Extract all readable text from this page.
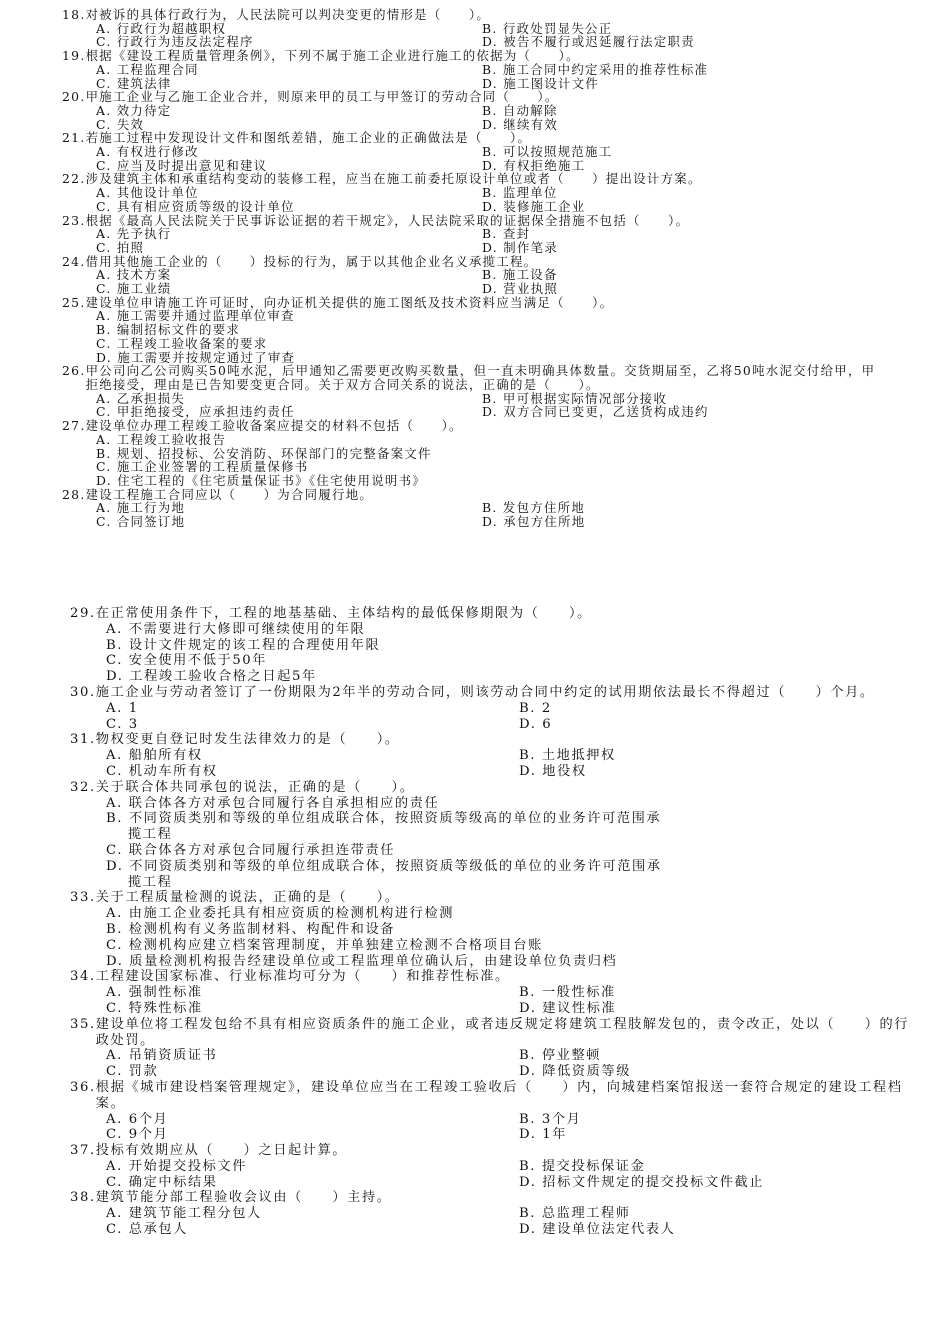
18. 对被诉的具体行政行为，人民法院可以判决变更的情形是（　　）。
A. 行政行为超越职权	B. 行政处罚显失公正
C. 行政行为违反法定程序	D. 被告不履行或迟延履行法定职责
19. 根据《建设工程质量管理条例》，下列不属于施工企业进行施工的依据为（　　）。
A. 工程监理合同	B. 施工合同中约定采用的推荐性标准
C. 建筑法律	D. 施工图设计文件
20. 甲施工企业与乙施工企业合并，则原来甲的员工与甲签订的劳动合同（　　）。
A. 效力待定	B. 自动解除
C. 失效	D. 继续有效
21. 若施工过程中发现设计文件和图纸差错，施工企业的正确做法是（　　）。
A. 有权进行修改	B. 可以按照规范施工
C. 应当及时提出意见和建议	D. 有权拒绝施工
22. 涉及建筑主体和承重结构变动的装修工程，应当在施工前委托原设计单位或者（　　）提出设计方案。
A. 其他设计单位	B. 监理单位
C. 具有相应资质等级的设计单位	D. 装修施工企业
23. 根据《最高人民法院关于民事诉讼证据的若干规定》，人民法院采取的证据保全措施不包括（　　）。
A. 先予执行	B. 查封
C. 拍照	D. 制作笔录
24. 借用其他施工企业的（　　）投标的行为，属于以其他企业名义承揽工程。
A. 技术方案	B. 施工设备
C. 施工业绩	D. 营业执照
25. 建设单位申请施工许可证时，向办证机关提供的施工图纸及技术资料应当满足（　　）。
A. 施工需要并通过监理单位审查
B. 编制招标文件的要求
C. 工程竣工验收备案的要求
D. 施工需要并按规定通过了审查
26. 甲公司向乙公司购买50吨水泥，后甲通知乙需要更改购买数量，但一直未明确具体数量。交货期届至，乙将50吨水泥交付给甲，甲拒绝接受，理由是已告知要变更合同。关于双方合同关系的说法，正确的是（　　）。
A. 乙承担损失	B. 甲可根据实际情况部分接收
C. 甲拒绝接受，应承担违约责任	D. 双方合同已变更，乙送货构成违约
27. 建设单位办理工程竣工验收备案应提交的材料不包括（　　）。
A. 工程竣工验收报告
B. 规划、招投标、公安消防、环保部门的完整备案文件
C. 施工企业签署的工程质量保修书
D. 住宅工程的《住宅质量保证书》《住宅使用说明书》
28. 建设工程施工合同应以（　　）为合同履行地。
A. 施工行为地	B. 发包方住所地
C. 合同签订地	D. 承包方住所地
29. 在正常使用条件下，工程的地基基础、主体结构的最低保修期限为（　　）。
A. 不需要进行大修即可继续使用的年限
B. 设计文件规定的该工程的合理使用年限
C. 安全使用不低于50年
D. 工程竣工验收合格之日起5年
30. 施工企业与劳动者签订了一份期限为2年半的劳动合同，则该劳动合同中约定的试用期依法最长不得超过（　　）个月。
A. 1	B. 2
C. 3	D. 6
31. 物权变更自登记时发生法律效力的是（　　）。
A. 船舶所有权	B. 土地抵押权
C. 机动车所有权	D. 地役权
32. 关于联合体共同承包的说法，正确的是（　　）。
A. 联合体各方对承包合同履行各自承担相应的责任
B. 不同资质类别和等级的单位组成联合体，按照资质等级高的单位的业务许可范围承
揽工程
C. 联合体各方对承包合同履行承担连带责任
D. 不同资质类别和等级的单位组成联合体，按照资质等级低的单位的业务许可范围承
揽工程
33. 关于工程质量检测的说法，正确的是（　　）。
A. 由施工企业委托具有相应资质的检测机构进行检测
B. 检测机构有义务监制材料、构配件和设备
C. 检测机构应建立档案管理制度，并单独建立检测不合格项目台账
D. 质量检测机构报告经建设单位或工程监理单位确认后，由建设单位负责归档
34. 工程建设国家标准、行业标准均可分为（　　）和推荐性标准。
A. 强制性标准	B. 一般性标准
C. 特殊性标准	D. 建议性标准
35. 建设单位将工程发包给不具有相应资质条件的施工企业，或者违反规定将建筑工程肢解发包的，责令改正，处以（　　）的行政处罚。
A. 吊销资质证书	B. 停业整顿
C. 罚款	D. 降低资质等级
36. 根据《城市建设档案管理规定》，建设单位应当在工程竣工验收后（　　）内，向城建档案馆报送一套符合规定的建设工程档案。
A. 6个月	B. 3个月
C. 9个月	D. 1年
37. 投标有效期应从（　　）之日起计算。
A. 开始提交投标文件	B. 提交投标保证金
C. 确定中标结果	D. 招标文件规定的提交投标文件截止
38. 建筑节能分部工程验收会议由（　　）主持。
A. 建筑节能工程分包人	B. 总监理工程师
C. 总承包人	D. 建设单位法定代表人
